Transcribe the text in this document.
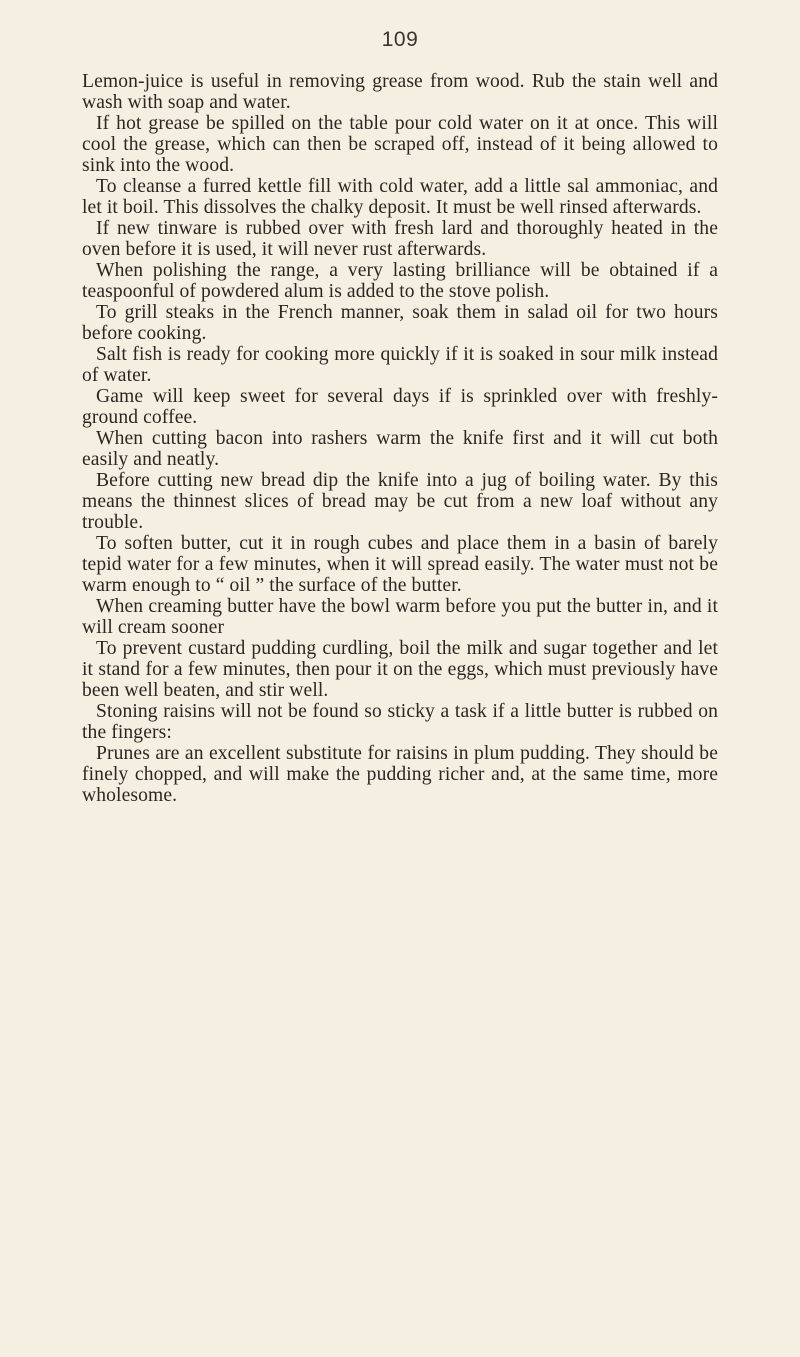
109

Lemon-juice is useful in removing grease from wood. Rub the stain well and wash with soap and water.

If hot grease be spilled on the table pour cold water on it at once. This will cool the grease, which can then be scraped off, instead of it being allowed to sink into the wood.

To cleanse a furred kettle fill with cold water, add a little sal ammoniac, and let it boil. This dissolves the chalky deposit. It must be well rinsed afterwards.

If new tinware is rubbed over with fresh lard and thoroughly heated in the oven before it is used, it will never rust afterwards.

When polishing the range, a very lasting brilliance will be obtained if a teaspoonful of powdered alum is added to the stove polish.

To grill steaks in the French manner, soak them in salad oil for two hours before cooking.

Salt fish is ready for cooking more quickly if it is soaked in sour milk instead of water.

Game will keep sweet for several days if is sprinkled over with freshly-ground coffee.

When cutting bacon into rashers warm the knife first and it will cut both easily and neatly.

Before cutting new bread dip the knife into a jug of boiling water. By this means the thinnest slices of bread may be cut from a new loaf without any trouble.

To soften butter, cut it in rough cubes and place them in a basin of barely tepid water for a few minutes, when it will spread easily. The water must not be warm enough to “ oil ” the surface of the butter.

When creaming butter have the bowl warm before you put the butter in, and it will cream sooner

To prevent custard pudding curdling, boil the milk and sugar together and let it stand for a few minutes, then pour it on the eggs, which must previously have been well beaten, and stir well.

Stoning raisins will not be found so sticky a task if a little butter is rubbed on the fingers:

Prunes are an excellent substitute for raisins in plum pudding. They should be finely chopped, and will make the pudding richer and, at the same time, more wholesome.
